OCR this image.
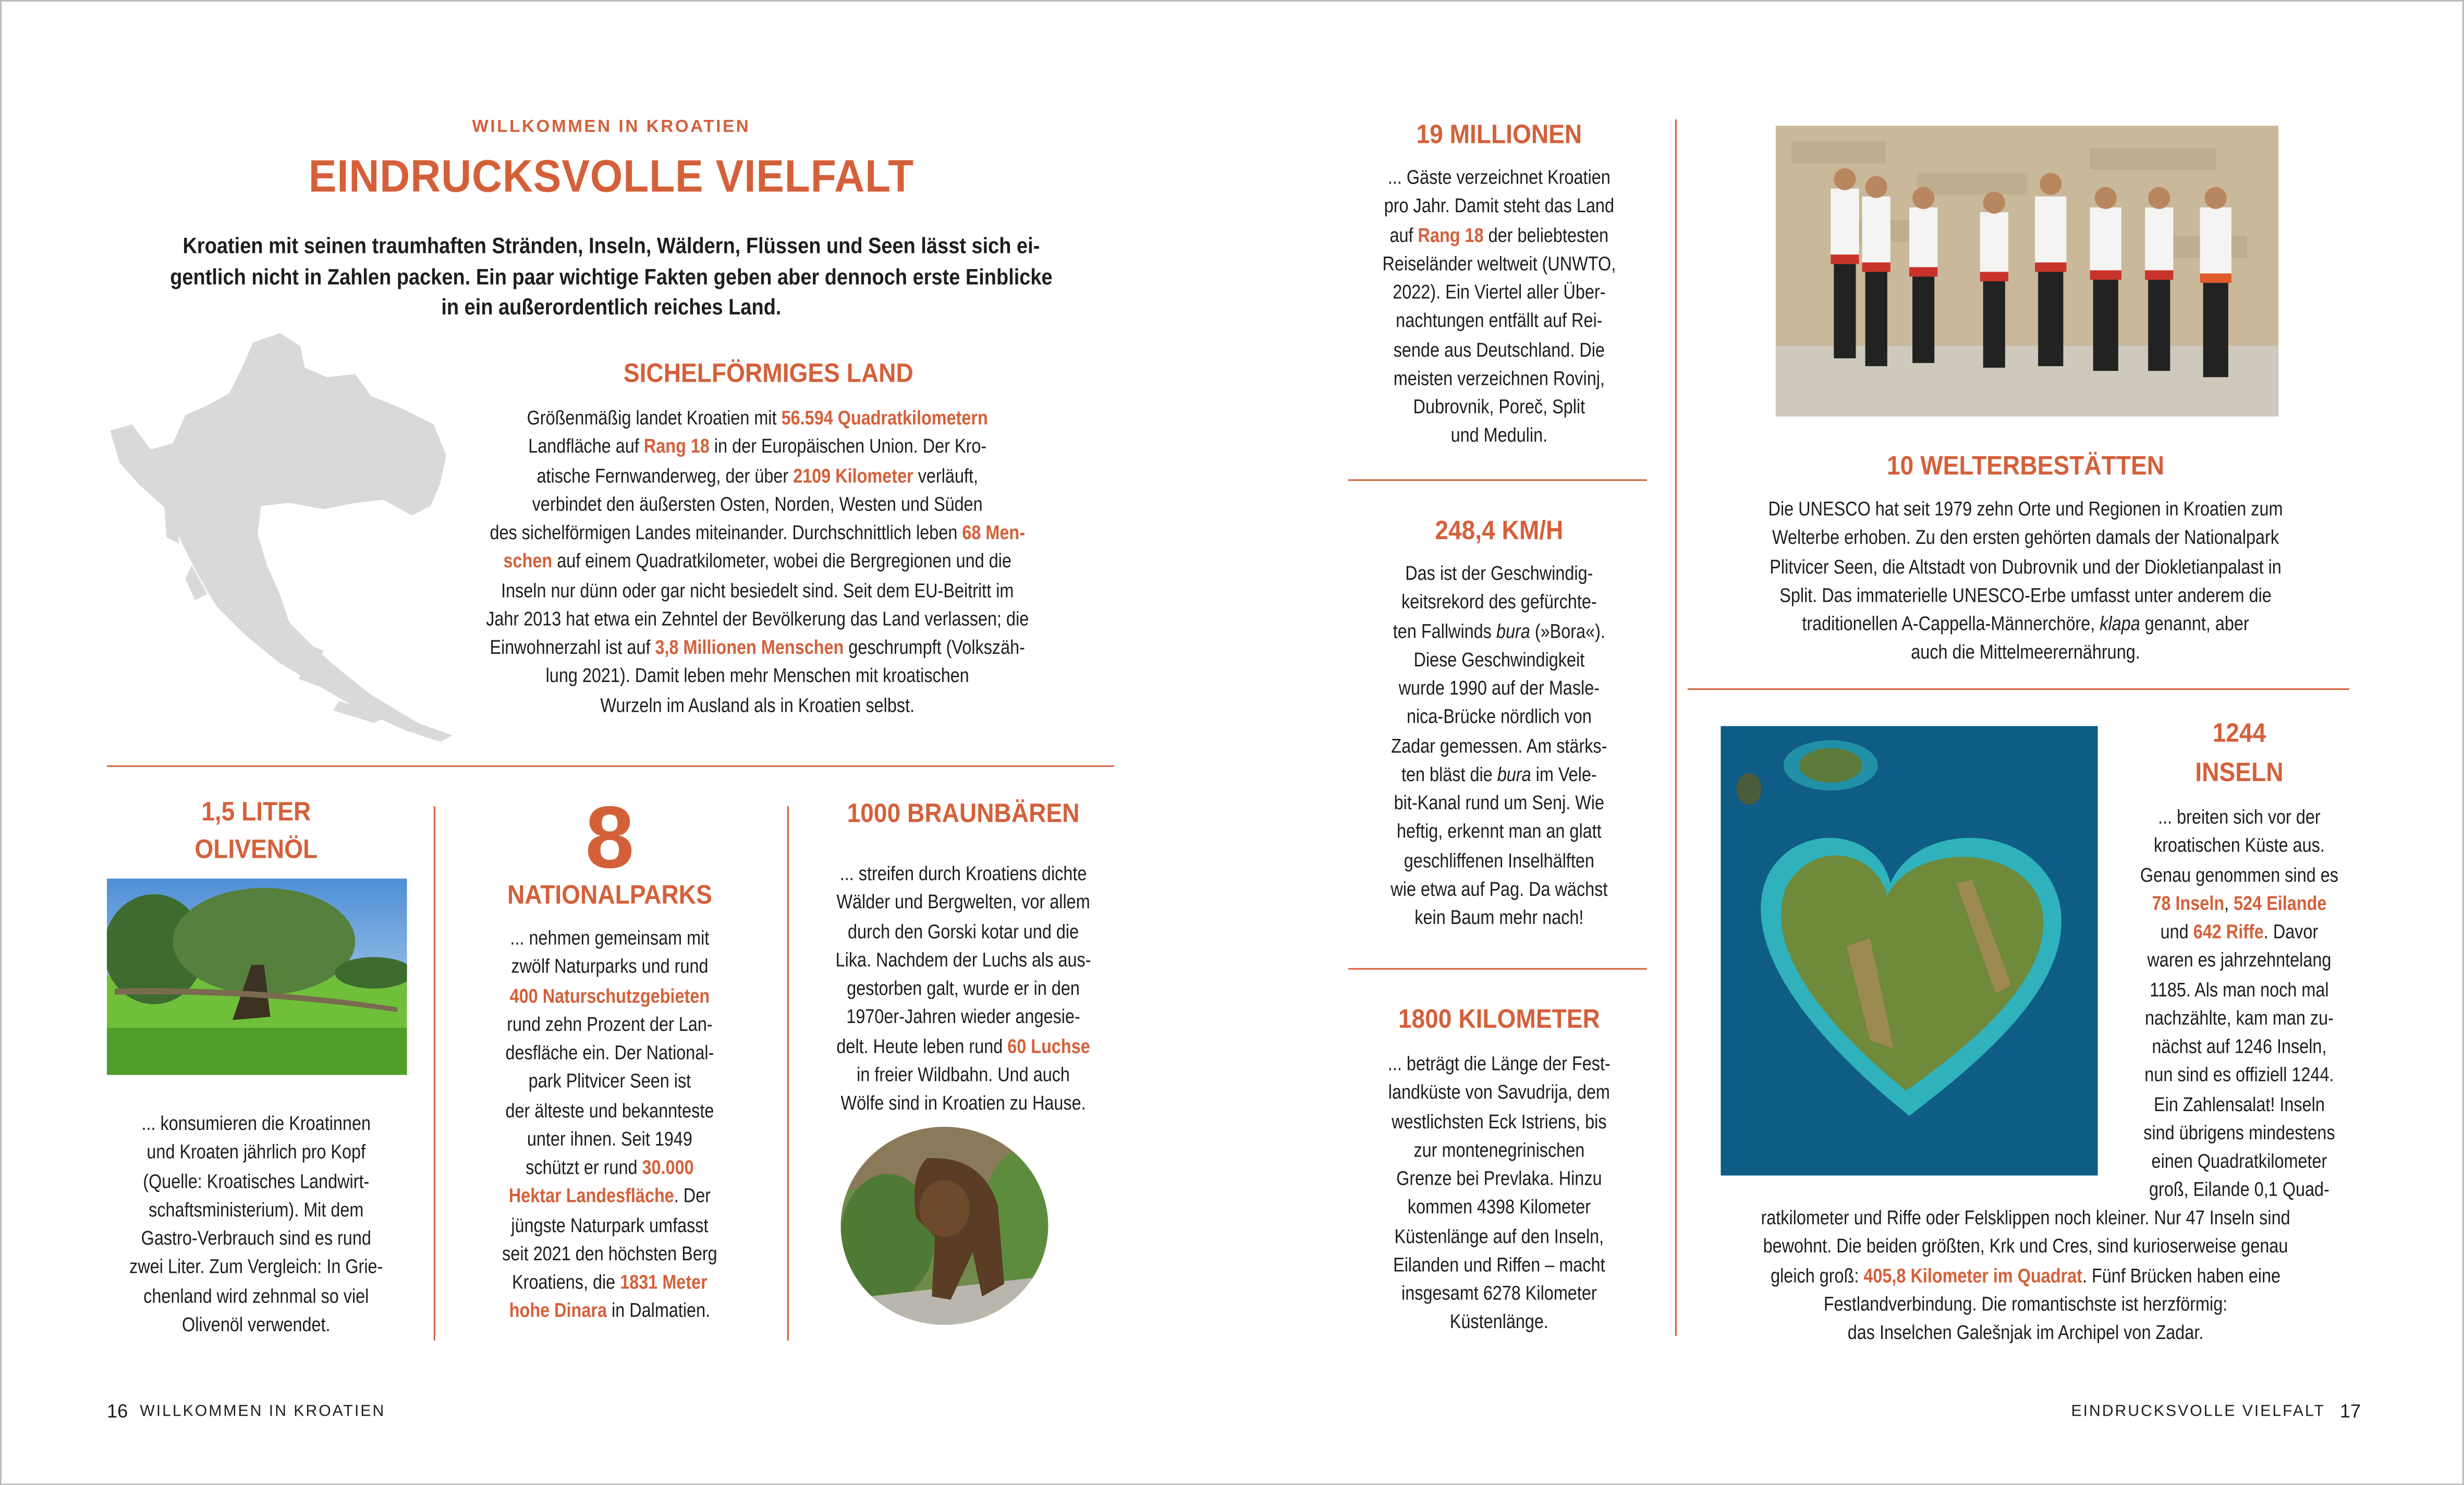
WILLKOMMEN IN KROATIEN
EINDRUCKSVOLLE VIELFALT
Kroatien mit seinen traumhaften Stränden, Inseln, Wäldern, Flüssen und Seen lässt sich ei-
gentlich nicht in Zahlen packen. Ein paar wichtige Fakten geben aber dennoch erste Einblicke
in ein außerordentlich reiches Land.
SICHELFÖRMIGES LAND
Größenmäßig landet Kroatien mit 56.594 Quadratkilometern
Landfläche auf Rang 18 in der Europäischen Union. Der Kro-
atische Fernwanderweg, der über 2109 Kilometer verläuft,
verbindet den äußersten Osten, Norden, Westen und Süden
des sichelförmigen Landes miteinander. Durchschnittlich leben 68 Men-
schen auf einem Quadratkilometer, wobei die Bergregionen und die
Inseln nur dünn oder gar nicht besiedelt sind. Seit dem EU-Beitritt im
Jahr 2013 hat etwa ein Zehntel der Bevölkerung das Land verlassen; die
Einwohnerzahl ist auf 3,8 Millionen Menschen geschrumpft (Volkszäh-
lung 2021). Damit leben mehr Menschen mit kroatischen
Wurzeln im Ausland als in Kroatien selbst.
1,5 LITER
OLIVENÖL
... konsumieren die Kroatinnen
und Kroaten jährlich pro Kopf
(Quelle: Kroatisches Landwirt-
schaftsministerium). Mit dem
Gastro-Verbrauch sind es rund
zwei Liter. Zum Vergleich: In Grie-
chenland wird zehnmal so viel
Olivenöl verwendet.
8
NATIONALPARKS
... nehmen gemeinsam mit
zwölf Naturparks und rund
400 Naturschutzgebieten
rund zehn Prozent der Lan-
desfläche ein. Der National-
park Plitvicer Seen ist
der älteste und bekannteste
unter ihnen. Seit 1949
schützt er rund 30.000
Hektar Landesfläche. Der
jüngste Naturpark umfasst
seit 2021 den höchsten Berg
Kroatiens, die 1831 Meter
hohe Dinara in Dalmatien.
1000 BRAUNBÄREN
... streifen durch Kroatiens dichte
Wälder und Bergwelten, vor allem
durch den Gorski kotar und die
Lika. Nachdem der Luchs als aus-
gestorben galt, wurde er in den
1970er-Jahren wieder angesie-
delt. Heute leben rund 60 Luchse
in freier Wildbahn. Und auch
Wölfe sind in Kroatien zu Hause.
16 WILLKOMMEN IN KROATIEN
19 MILLIONEN
... Gäste verzeichnet Kroatien
pro Jahr. Damit steht das Land
auf Rang 18 der beliebtesten
Reiseländer weltweit (UNWTO,
2022). Ein Viertel aller Über-
nachtungen entfällt auf Rei-
sende aus Deutschland. Die
meisten verzeichnen Rovinj,
Dubrovnik, Poreč, Split
und Medulin.
248,4 KM/H
Das ist der Geschwindig-
keitsrekord des gefürchte-
ten Fallwinds bura (»Bora«).
Diese Geschwindigkeit
wurde 1990 auf der Masle-
nica-Brücke nördlich von
Zadar gemessen. Am stärks-
ten bläst die bura im Vele-
bit-Kanal rund um Senj. Wie
heftig, erkennt man an glatt
geschliffenen Inselhälften
wie etwa auf Pag. Da wächst
kein Baum mehr nach!
1800 KILOMETER
... beträgt die Länge der Fest-
landküste von Savudrija, dem
westlichsten Eck Istriens, bis
zur montenegrinischen
Grenze bei Prevlaka. Hinzu
kommen 4398 Kilometer
Küstenlänge auf den Inseln,
Eilanden und Riffen – macht
insgesamt 6278 Kilometer
Küstenlänge.
10 WELTERBESTÄTTEN
Die UNESCO hat seit 1979 zehn Orte und Regionen in Kroatien zum
Welterbe erhoben. Zu den ersten gehörten damals der Nationalpark
Plitvicer Seen, die Altstadt von Dubrovnik und der Diokletianpalast in
Split. Das immaterielle UNESCO-Erbe umfasst unter anderem die
traditionellen A-Cappella-Männerchöre, klapa genannt, aber
auch die Mittelmeerernährung.
1244
INSELN
... breiten sich vor der
kroatischen Küste aus.
Genau genommen sind es
78 Inseln, 524 Eilande
und 642 Riffe. Davor
waren es jahrzehntelang
1185. Als man noch mal
nachzählte, kam man zu-
nächst auf 1246 Inseln,
nun sind es offiziell 1244.
Ein Zahlensalat! Inseln
sind übrigens mindestens
einen Quadratkilometer
groß, Eilande 0,1 Quad-
ratkilometer und Riffe oder Felsklippen noch kleiner. Nur 47 Inseln sind
bewohnt. Die beiden größten, Krk und Cres, sind kurioserweise genau
gleich groß: 405,8 Kilometer im Quadrat. Fünf Brücken haben eine
Festlandverbindung. Die romantischste ist herzförmig:
das Inselchen Galešnjak im Archipel von Zadar.
EINDRUCKSVOLLE VIELFALT 17
